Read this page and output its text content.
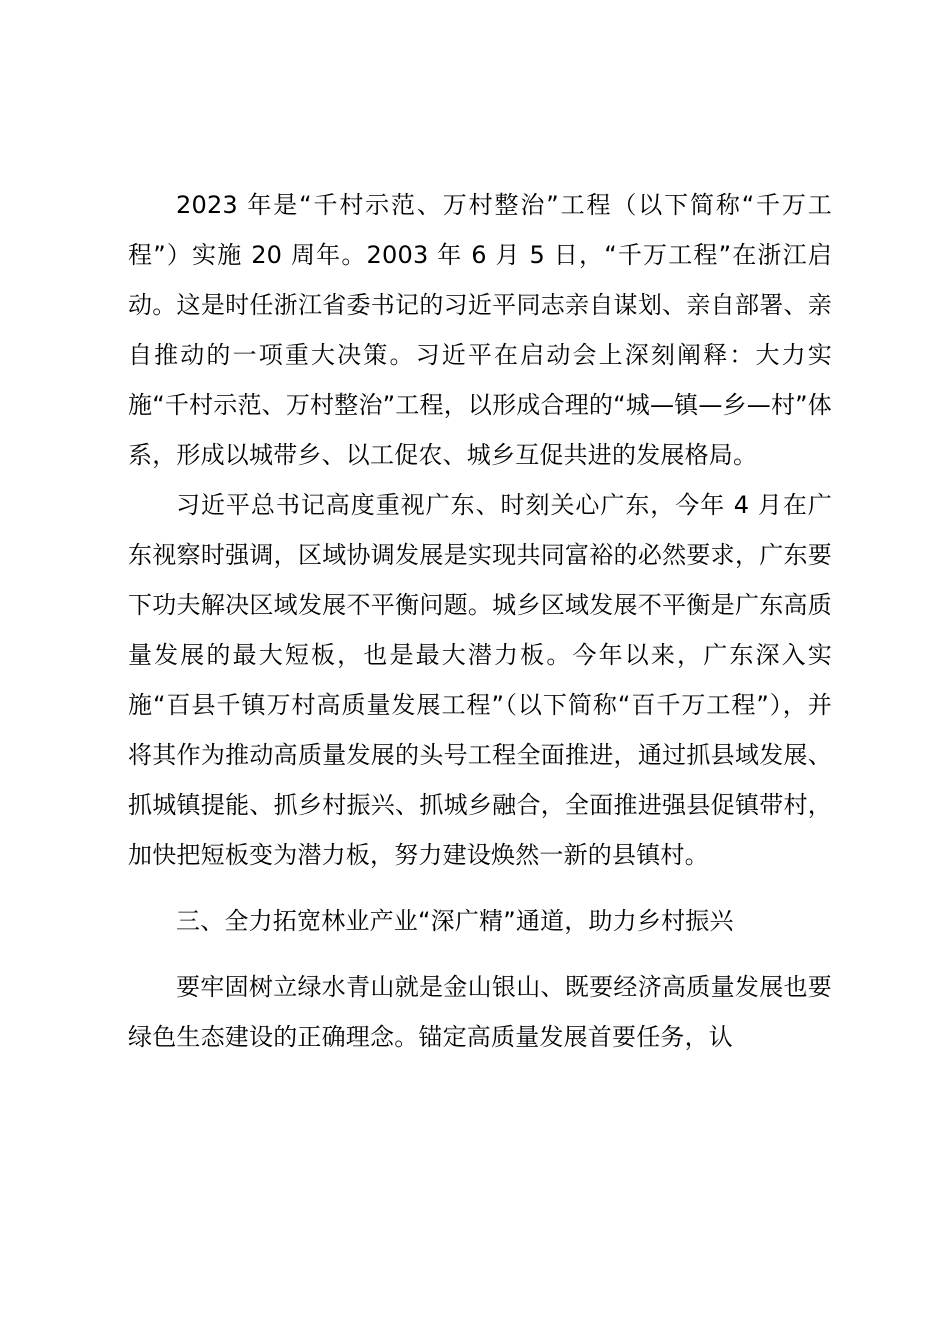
2023 年是“千村示范、万村整治”工程（以下简称“千万工程”）实施 20 周年。2003 年 6 月 5 日，“千万工程”在浙江启动。这是时任浙江省委书记的习近平同志亲自谋划、亲自部署、亲自推动的一项重大决策。习近平在启动会上深刻阐释：大力实施“千村示范、万村整治”工程，以形成合理的“城—镇—乡—村”体系，形成以城带乡、以工促农、城乡互促共进的发展格局。

习近平总书记高度重视广东、时刻关心广东，今年 4 月在广东视察时强调，区域协调发展是实现共同富裕的必然要求，广东要下功夫解决区域发展不平衡问题。城乡区域发展不平衡是广东高质量发展的最大短板，也是最大潜力板。今年以来，广东深入实施“百县千镇万村高质量发展工程”（以下简称“百千万工程”），并将其作为推动高质量发展的头号工程全面推进，通过抓县域发展、抓城镇提能、抓乡村振兴、抓城乡融合，全面推进强县促镇带村，加快把短板变为潜力板，努力建设焕然一新的县镇村。

三、全力拓宽林业产业“深广精”通道，助力乡村振兴

要牢固树立绿水青山就是金山银山、既要经济高质量发展也要绿色生态建设的正确理念。锚定高质量发展首要任务，认
